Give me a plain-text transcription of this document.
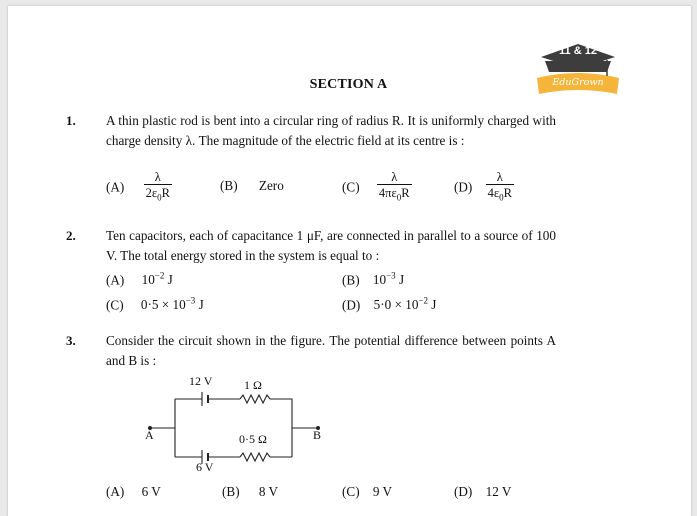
11 & 12
EduGrown
SECTION A
1. A thin plastic rod is bent into a circular ring of radius R. It is uniformly charged with charge density λ. The magnitude of the electric field at its centre is :
$(A) \frac{\lambda}{2\varepsilon_0R}$	(B) Zero	$(C) \frac{\lambda}{4\pi\varepsilon_0R}$	$(D) \frac{\lambda}{4\varepsilon_0R}$
2. Ten capacitors, each of capacitance 1 μF, are connected in parallel to a source of 100 V. The total energy stored in the system is equal to :
(A) $10^{-2}$ J	(B) $10^{-3}$ J
(C) $0\cdot 5 \times 10^{-3}$ J	(D) $5\cdot 0 \times 10^{-2}$ J
3. Consider the circuit shown in the figure. The potential difference between points A and B is :
12 V	1 Ω
0·5 Ω
6 V
A	B
(A) 6 V	(B) 8 V	(C) 9 V	(D) 12 V
